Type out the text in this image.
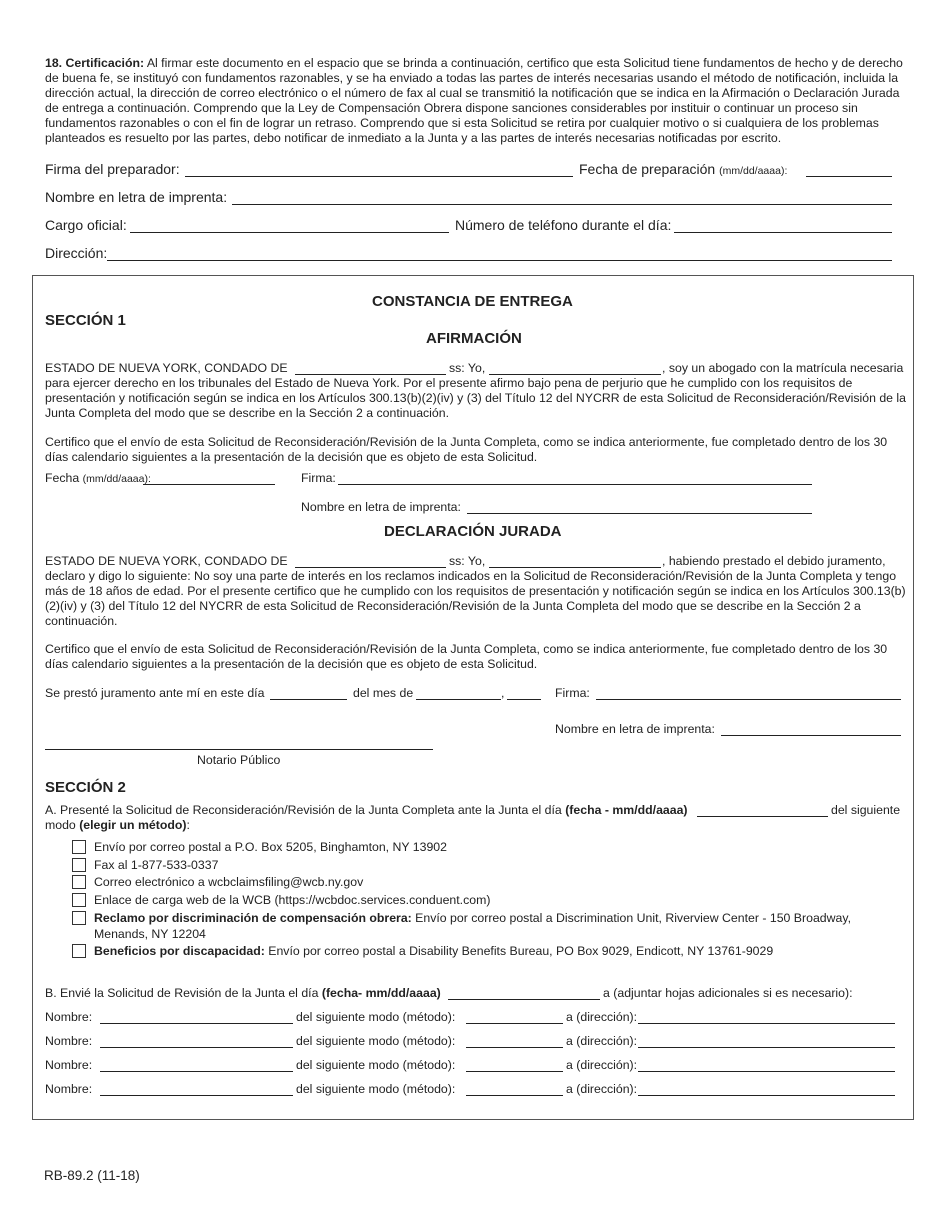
18. Certificación: Al firmar este documento en el espacio que se brinda a continuación, certifico que esta Solicitud tiene fundamentos de hecho y de derecho de buena fe, se instituyó con fundamentos razonables, y se ha enviado a todas las partes de interés necesarias usando el método de notificación, incluida la dirección actual, la dirección de correo electrónico o el número de fax al cual se transmitió la notificación que se indica en la Afirmación o Declaración Jurada de entrega a continuación. Comprendo que la Ley de Compensación Obrera dispone sanciones considerables por instituir o continuar un proceso sin fundamentos razonables o con el fin de lograr un retraso. Comprendo que si esta Solicitud se retira por cualquier motivo o si cualquiera de los problemas planteados es resuelto por las partes, debo notificar de inmediato a la Junta y a las partes de interés necesarias notificadas por escrito.

Firma del preparador:	Fecha de preparación (mm/dd/aaaa):
Nombre en letra de imprenta:
Cargo oficial:	Número de teléfono durante el día:
Dirección:
CONSTANCIA DE ENTREGA
SECCIÓN 1
AFIRMACIÓN
ESTADO DE NUEVA YORK, CONDADO DE	ss: Yo,	, soy un abogado con la matrícula necesaria

para ejercer derecho en los tribunales del Estado de Nueva York. Por el presente afirmo bajo pena de perjurio que he cumplido con los requisitos de presentación y notificación según se indica en los Artículos 300.13(b)(2)(iv) y (3) del Título 12 del NYCRR de esta Solicitud de Reconsideración/Revisión de la Junta Completa del modo que se describe en la Sección 2 a continuación.

Certifico que el envío de esta Solicitud de Reconsideración/Revisión de la Junta Completa, como se indica anteriormente, fue completado dentro de los 30 días calendario siguientes a la presentación de la decisión que es objeto de esta Solicitud.

Fecha (mm/dd/aaaa):	Firma:
Nombre en letra de imprenta:
DECLARACIÓN JURADA
ESTADO DE NUEVA YORK, CONDADO DE	ss: Yo,	, habiendo prestado el debido juramento,

declaro y digo lo siguiente: No soy una parte de interés en los reclamos indicados en la Solicitud de Reconsideración/Revisión de la Junta Completa y tengo más de 18 años de edad. Por el presente certifico que he cumplido con los requisitos de presentación y notificación según se indica en los Artículos 300.13(b)(2)(iv) y (3) del Título 12 del NYCRR de esta Solicitud de Reconsideración/Revisión de la Junta Completa del modo que se describe en la Sección 2 a continuación.

Certifico que el envío de esta Solicitud de Reconsideración/Revisión de la Junta Completa, como se indica anteriormente, fue completado dentro de los 30 días calendario siguientes a la presentación de la decisión que es objeto de esta Solicitud.

Se prestó juramento ante mí en este día	del mes de	,	Firma:
Nombre en letra de imprenta:
Notario Público
SECCIÓN 2
A. Presenté la Solicitud de Reconsideración/Revisión de la Junta Completa ante la Junta el día (fecha - mm/dd/aaaa)	del siguiente
modo (elegir un método):
Envío por correo postal a P.O. Box 5205, Binghamton, NY 13902
Fax al 1-877-533-0337
Correo electrónico a wcbclaimsfiling@wcb.ny.gov
Enlace de carga web de la WCB (https://wcbdoc.services.conduent.com)
Reclamo por discriminación de compensación obrera: Envío por correo postal a Discrimination Unit, Riverview Center - 150 Broadway, Menands, NY 12204
Beneficios por discapacidad: Envío por correo postal a Disability Benefits Bureau, PO Box 9029, Endicott, NY 13761-9029
B. Envié la Solicitud de Revisión de la Junta el día (fecha- mm/dd/aaaa)	a (adjuntar hojas adicionales si es necesario):
Nombre:	del siguiente modo (método):	a (dirección):
Nombre:	del siguiente modo (método):	a (dirección):
Nombre:	del siguiente modo (método):	a (dirección):
Nombre:	del siguiente modo (método):	a (dirección):
RB-89.2 (11-18)
